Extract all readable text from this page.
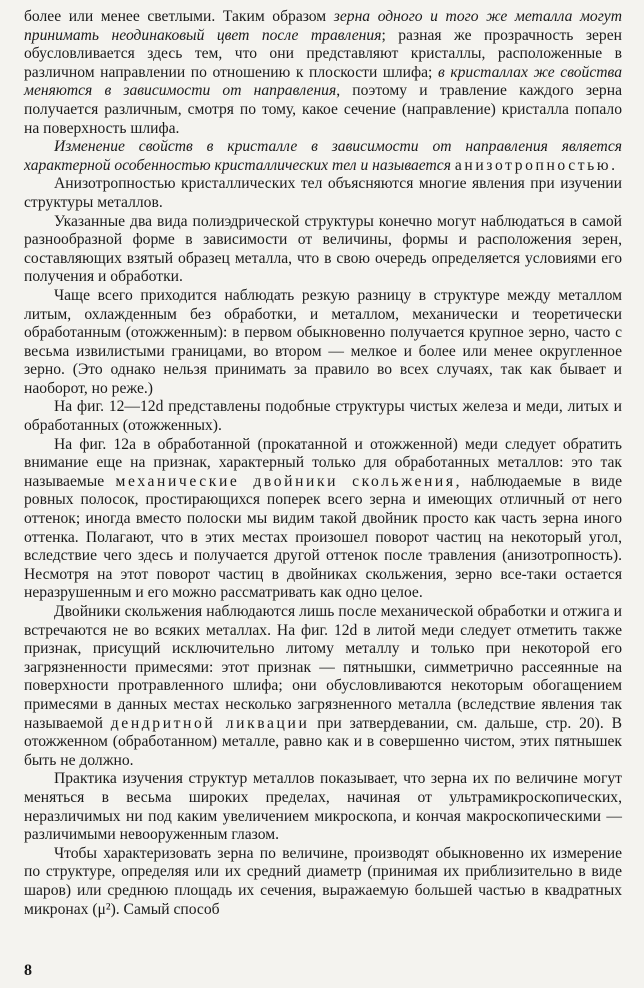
более или менее светлыми. Таким образом зерна одного и того же металла могут принимать неодинаковый цвет после травления; разная же прозрачность зерен обусловливается здесь тем, что они представляют кристаллы, расположенные в различном направлении по отношению к плоскости шлифа; в кристаллах же свойства меняются в зависимости от направления, поэтому и травление каждого зерна получается различным, смотря по тому, какое сечение (направление) кристалла попало на поверхность шлифа.

Изменение свойств в кристалле в зависимости от направления является характерной особенностью кристаллических тел и называется анизотропностью.

Анизотропностью кристаллических тел объясняются многие явления при изучении структуры металлов.

Указанные два вида полиэдрической структуры конечно могут наблюдаться в самой разнообразной форме в зависимости от величины, формы и расположения зерен, составляющих взятый образец металла, что в свою очередь определяется условиями его получения и обработки.

Чаще всего приходится наблюдать резкую разницу в структуре между металлом литым, охлажденным без обработки, и металлом, механически и теоретически обработанным (отожженным): в первом обыкновенно получается крупное зерно, часто с весьма извилистыми границами, во втором — мелкое и более или менее округленное зерно. (Это однако нельзя принимать за правило во всех случаях, так как бывает и наоборот, но реже.)

На фиг. 12—12d представлены подобные структуры чистых железа и меди, литых и обработанных (отожженных).

На фиг. 12а в обработанной (прокатанной и отожженной) меди следует обратить внимание еще на признак, характерный только для обработанных металлов: это так называемые механические двойники скольжения, наблюдаемые в виде ровных полосок, простирающихся поперек всего зерна и имеющих отличный от него оттенок; иногда вместо полоски мы видим такой двойник просто как часть зерна иного оттенка. Полагают, что в этих местах произошел поворот частиц на некоторый угол, вследствие чего здесь и получается другой оттенок после травления (анизотропность). Несмотря на этот поворот частиц в двойниках скольжения, зерно все-таки остается неразрушенным и его можно рассматривать как одно целое.

Двойники скольжения наблюдаются лишь после механической обработки и отжига и встречаются не во всяких металлах. На фиг. 12d в литой меди следует отметить также признак, присущий исключительно литому металлу и только при некоторой его загрязненности примесями: этот признак — пятнышки, симметрично рассеянные на поверхности протравленного шлифа; они обусловливаются некоторым обогащением примесями в данных местах несколько загрязненного металла (вследствие явления так называемой дендритной ликвации при затвердевании, см. дальше, стр. 20). В отожженном (обработанном) металле, равно как и в совершенно чистом, этих пятнышек быть не должно.

Практика изучения структур металлов показывает, что зерна их по величине могут меняться в весьма широких пределах, начиная от ультрамикроскопических, неразличимых ни под каким увеличением микроскопа, и кончая макроскопическими — различимыми невооруженным глазом.

Чтобы характеризовать зерна по величине, производят обыкновенно их измерение по структуре, определяя или их средний диаметр (принимая их приблизительно в виде шаров) или среднюю площадь их сечения, выражаемую большей частью в квадратных микронах (μ²). Самый способ

8
